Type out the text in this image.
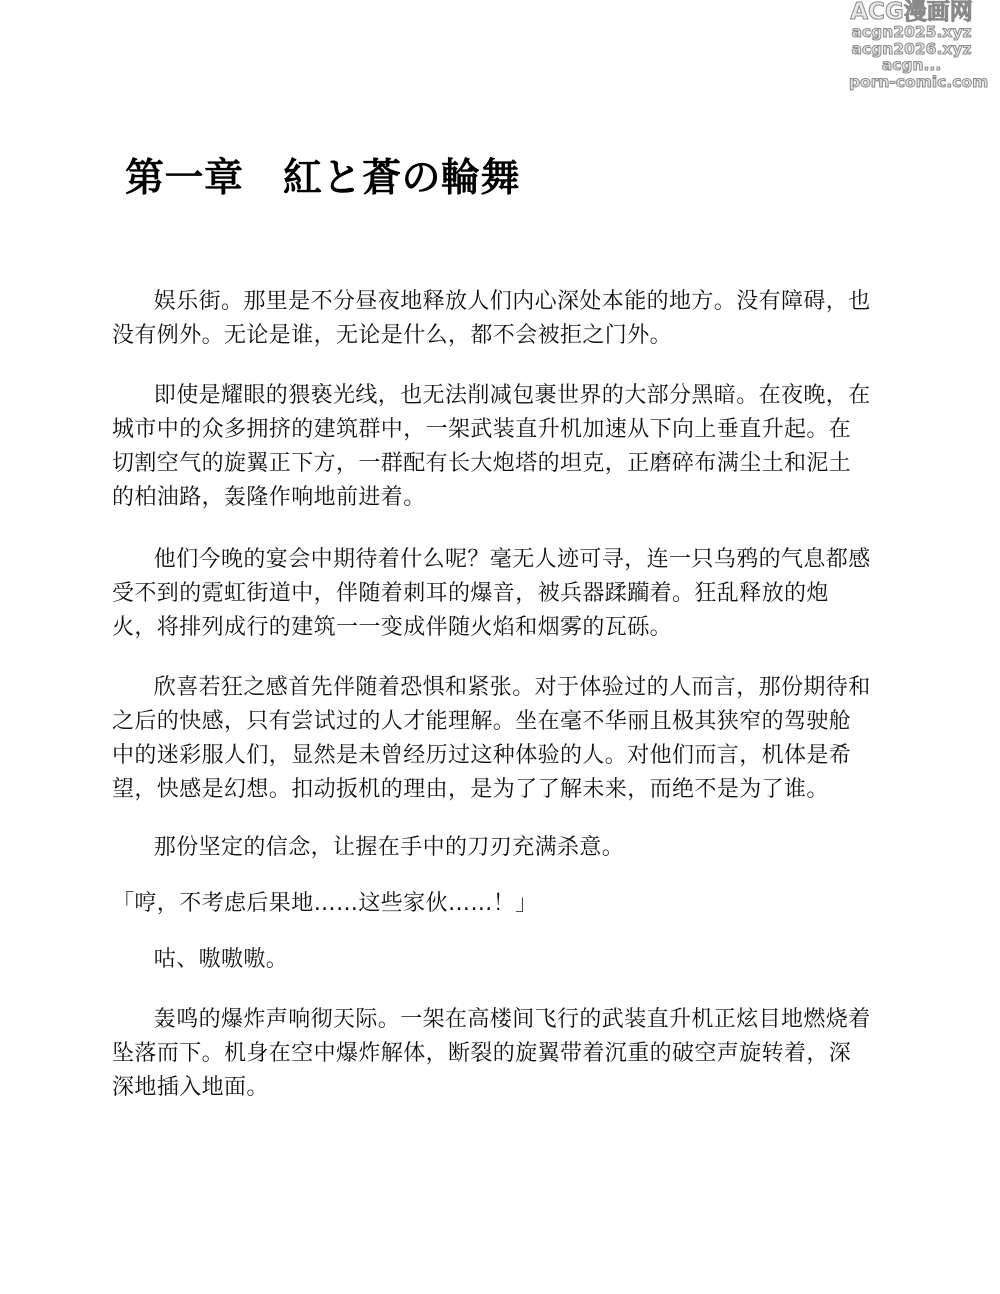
ACG漫画网
acgn2025.xyz
acgn2026.xyz
acgn...
porn-comic.com
第一章　紅と蒼の輪舞

娱乐街。那里是不分昼夜地释放人们内心深处本能的地方。没有障碍，也没有例外。无论是谁，无论是什么，都不会被拒之门外。

即使是耀眼的猥亵光线，也无法削减包裹世界的大部分黑暗。在夜晚，在城市中的众多拥挤的建筑群中，一架武装直升机加速从下向上垂直升起。在切割空气的旋翼正下方，一群配有长大炮塔的坦克，正磨碎布满尘土和泥土的柏油路，轰隆作响地前进着。

他们今晚的宴会中期待着什么呢？毫无人迹可寻，连一只乌鸦的气息都感受不到的霓虹街道中，伴随着刺耳的爆音，被兵器蹂躏着。狂乱释放的炮火，将排列成行的建筑一一变成伴随火焰和烟雾的瓦砾。

欣喜若狂之感首先伴随着恐惧和紧张。对于体验过的人而言，那份期待和之后的快感，只有尝试过的人才能理解。坐在毫不华丽且极其狭窄的驾驶舱中的迷彩服人们，显然是未曾经历过这种体验的人。对他们而言，机体是希望，快感是幻想。扣动扳机的理由，是为了了解未来，而绝不是为了谁。

那份坚定的信念，让握在手中的刀刃充满杀意。

「哼，不考虑后果地……这些家伙……！」

咕、嗷嗷嗷。

轰鸣的爆炸声响彻天际。一架在高楼间飞行的武装直升机正炫目地燃烧着坠落而下。机身在空中爆炸解体，断裂的旋翼带着沉重的破空声旋转着，深深地插入地面。
